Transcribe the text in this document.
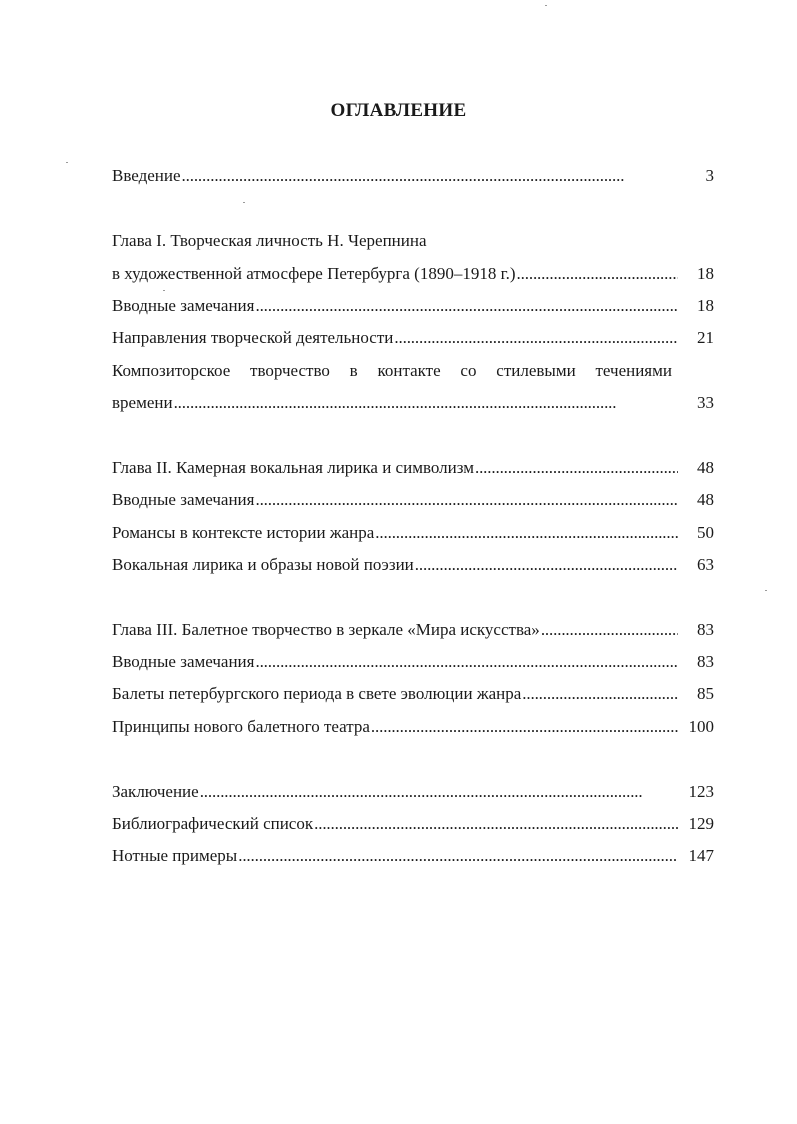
ОГЛАВЛЕНИЕ
Введение . . .	3
Глава I. Творческая личность Н. Черепнина
в художественной атмосфере Петербурга (1890–1918 г.) . . .	18
Вводные замечания . . .	18
Направления творческой деятельности . . .	21
Композиторское творчество в контакте со стилевыми течениями
времени . . .	33
Глава II. Камерная вокальная лирика и символизм . . .	48
Вводные замечания . . .	48
Романсы в контексте истории жанра . . .	50
Вокальная лирика и образы новой поэзии . . .	63
Глава III. Балетное творчество в зеркале «Мира искусства» . . .	83
Вводные замечания . . .	83
Балеты петербургского периода в свете эволюции жанра . . .	85
Принципы нового балетного театра . . .	100
Заключение . . .	123
Библиографический список . . .	129
Нотные примеры . . .	147
